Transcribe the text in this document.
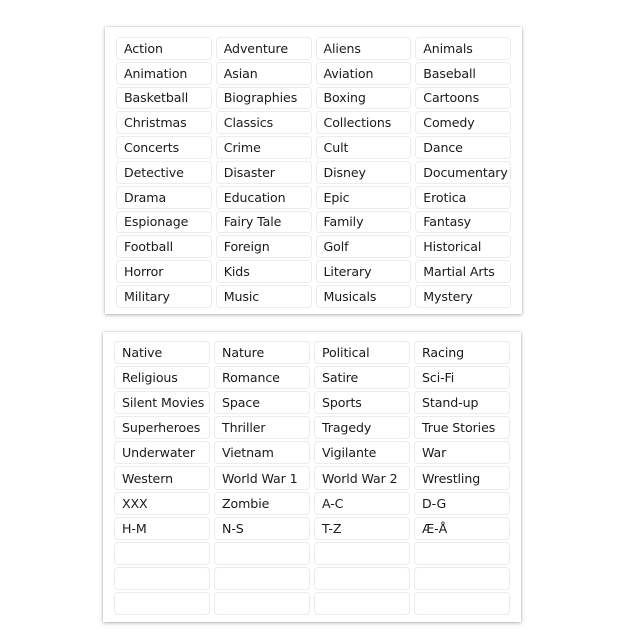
Action	Adventure	Aliens	Animals
Animation	Asian	Aviation	Baseball
Basketball	Biographies	Boxing	Cartoons
Christmas	Classics	Collections	Comedy
Concerts	Crime	Cult	Dance
Detective	Disaster	Disney	Documentary
Drama	Education	Epic	Erotica
Espionage	Fairy Tale	Family	Fantasy
Football	Foreign	Golf	Historical
Horror	Kids	Literary	Martial Arts
Military	Music	Musicals	Mystery
Native	Nature	Political	Racing
Religious	Romance	Satire	Sci-Fi
Silent Movies	Space	Sports	Stand-up
Superheroes	Thriller	Tragedy	True Stories
Underwater	Vietnam	Vigilante	War
Western	World War 1	World War 2	Wrestling
XXX	Zombie	A-C	D-G
H-M	N-S	T-Z	Æ-Å
